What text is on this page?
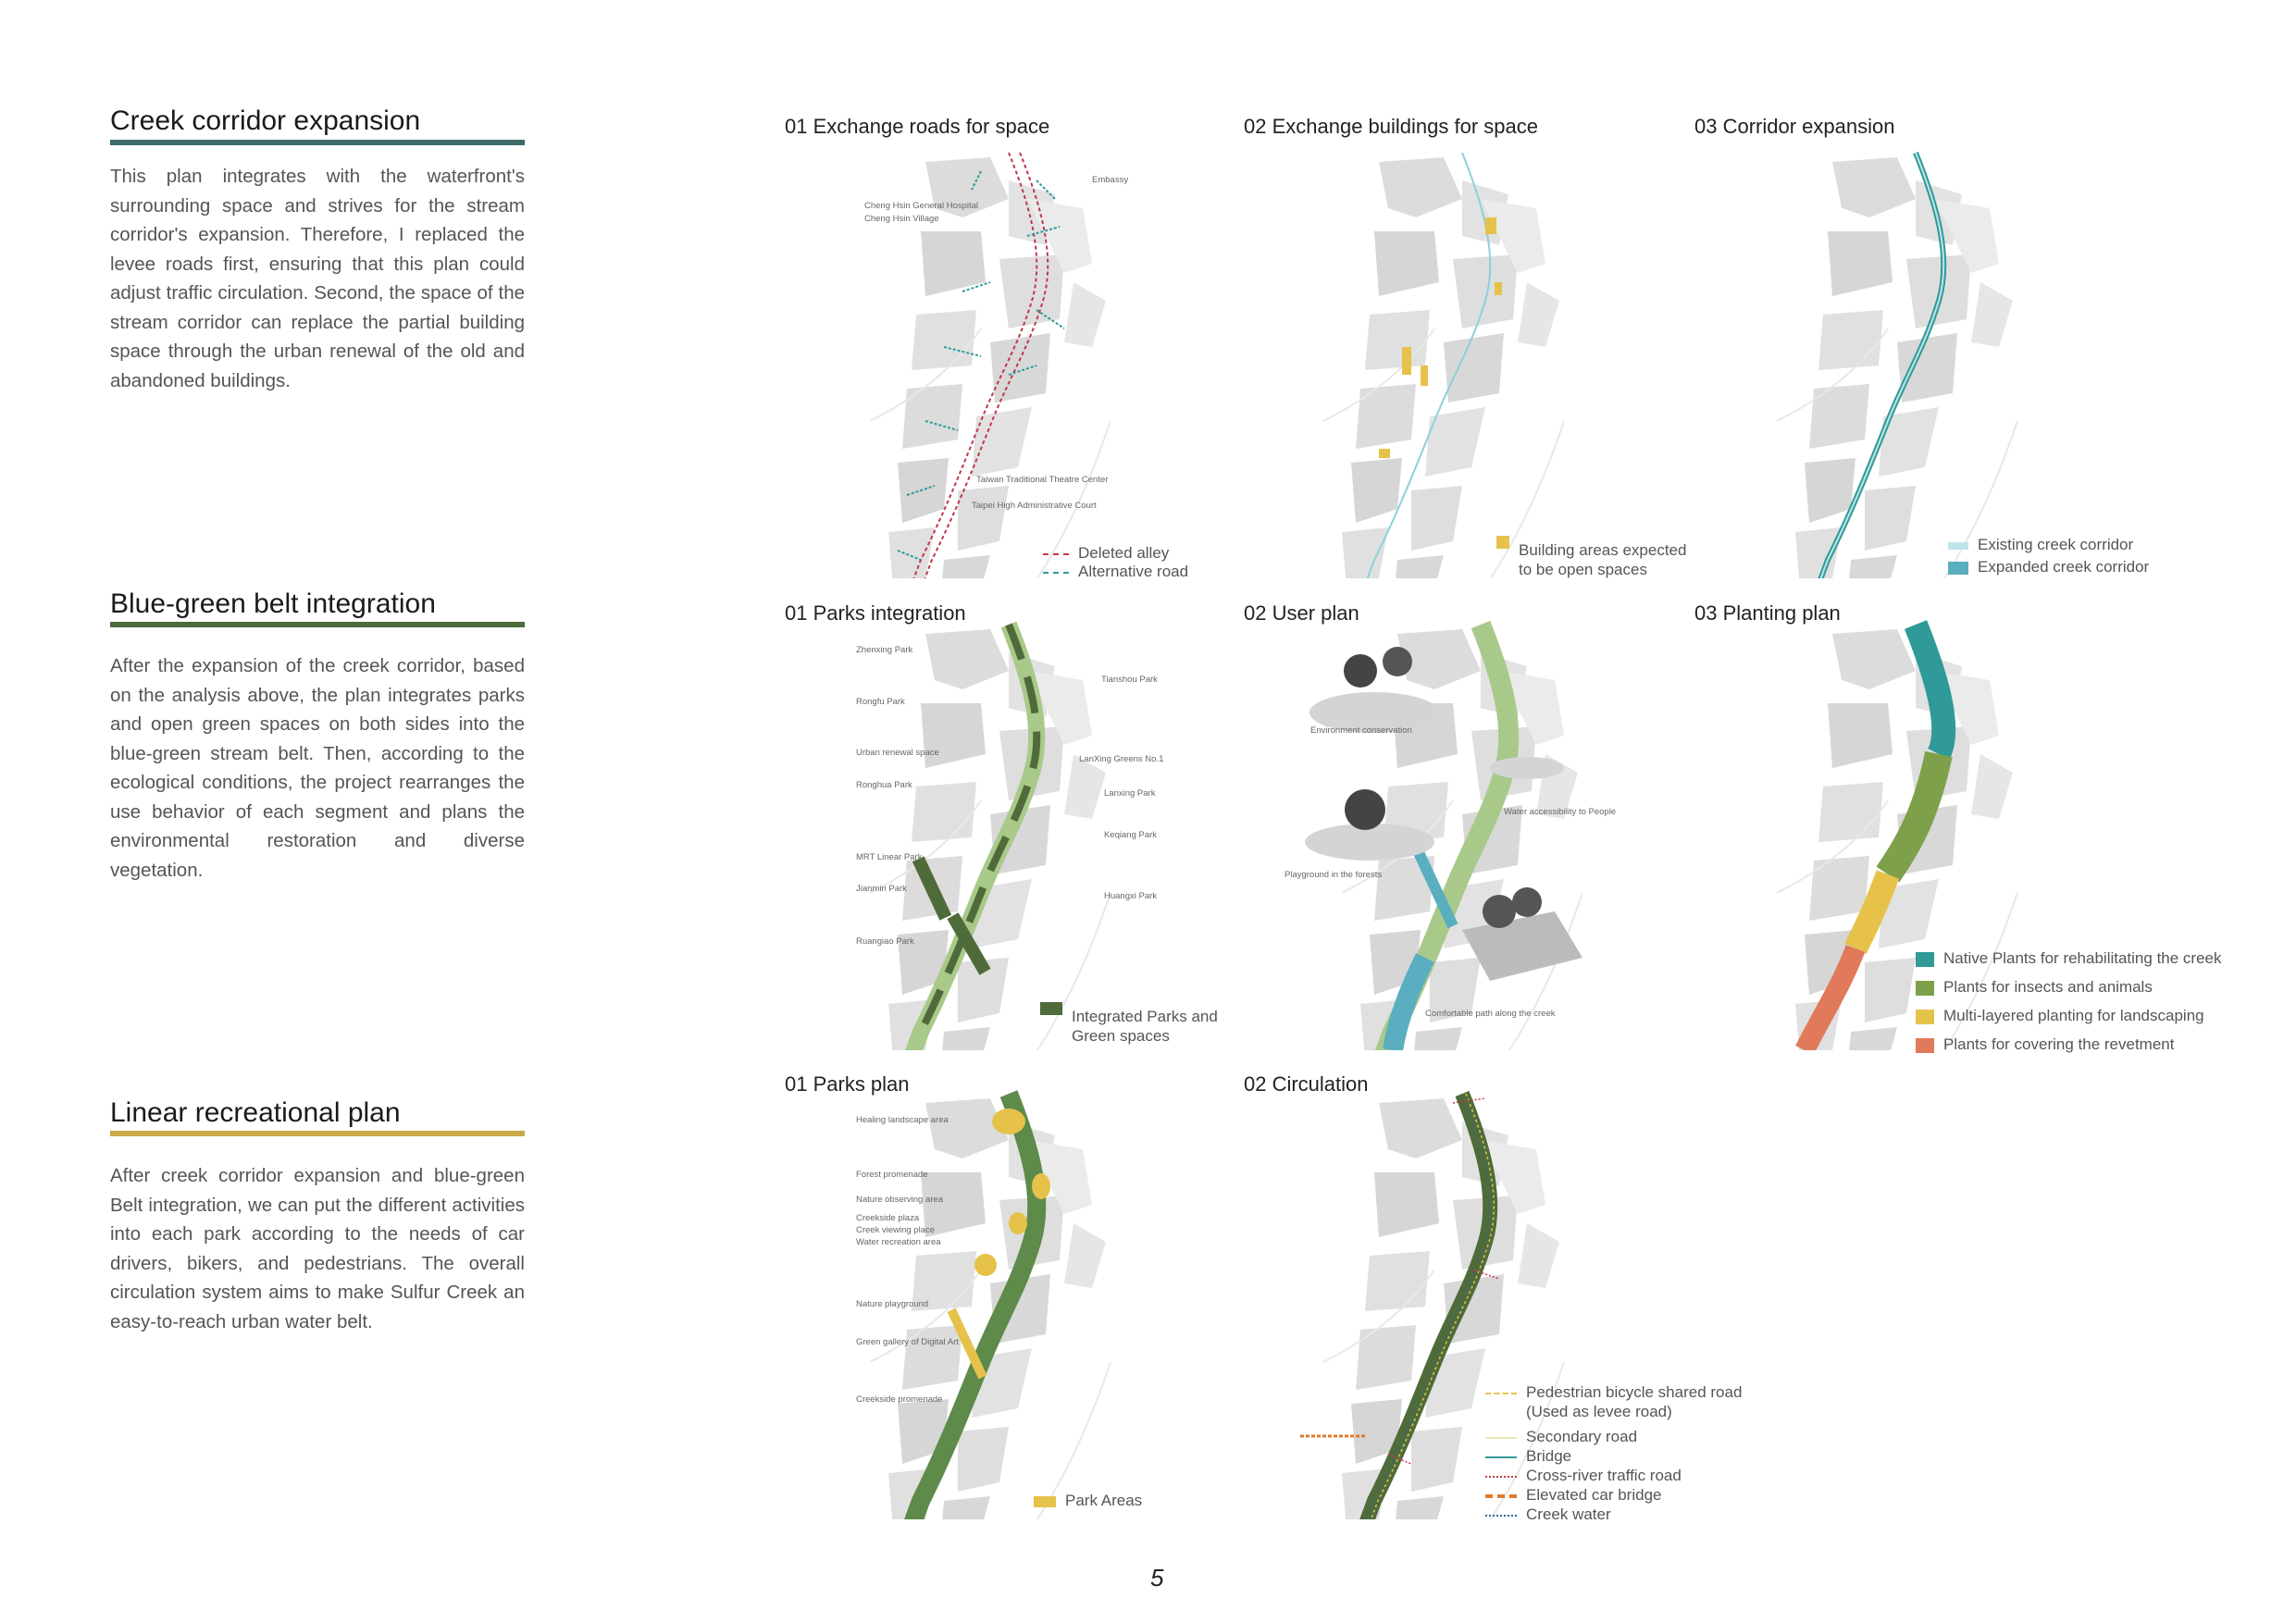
Creek corridor expansion
This plan integrates with the waterfront's surrounding space and strives for the stream corridor's expansion. Therefore, I replaced the levee roads first, ensuring that this plan could adjust traffic circulation. Second, the space of the stream corridor can replace the partial building space through the urban renewal of the old and abandoned buildings.
Blue-green belt integration
After the expansion of the creek corridor, based on the analysis above, the plan integrates parks and open green spaces on both sides into the blue-green stream belt. Then, according to the ecological conditions, the project rearranges the use behavior of each segment and plans the environmental restoration and diverse vegetation.
Linear recreational plan
After creek corridor expansion and blue-green Belt integration, we can put the different activities into each park according to the needs of car drivers, bikers, and pedestrians. The overall circulation system aims to make Sulfur Creek an easy-to-reach urban water belt.
01 Exchange roads for space	02 Exchange buildings for space	03 Corridor expansion
01 Parks integration	02 User plan	03 Planting plan
01 Parks plan	02 Circulation
Embassy
Cheng Hsin General Hospital
Cheng Hsin Village
Taiwan Traditional Theatre Center
Taipei High Administrative Court
Deleted alley
Alternative road
Building areas expected
to be open spaces
Existing creek corridor
Expanded creek corridor
Zhenxing Park
Rongfu Park
Urban renewal space
Ronghua Park
MRT Linear Park
Jianmin Park
Ruangiao Park
Tianshou Park
LanXing Greens No.1
Lanxing Park
Keqiang Park
Huangxi Park
Integrated Parks and
Green spaces
Environment conservation
Water accessibility to People
Playground in the forests
Comfortable path along the creek
Native Plants for rehabilitating the creek
Plants for insects and animals
Multi-layered planting for landscaping
Plants for covering the revetment
Healing landscape area
Forest promenade
Nature observing area
Creekside plaza
Creek viewing place
Water recreation area
Nature playground
Green gallery of Digital Art
Creekside promenade
Park Areas
Pedestrian bicycle shared road
(Used as levee road)
Secondary road
Bridge
Cross-river traffic road
Elevated car bridge
Creek water
5
